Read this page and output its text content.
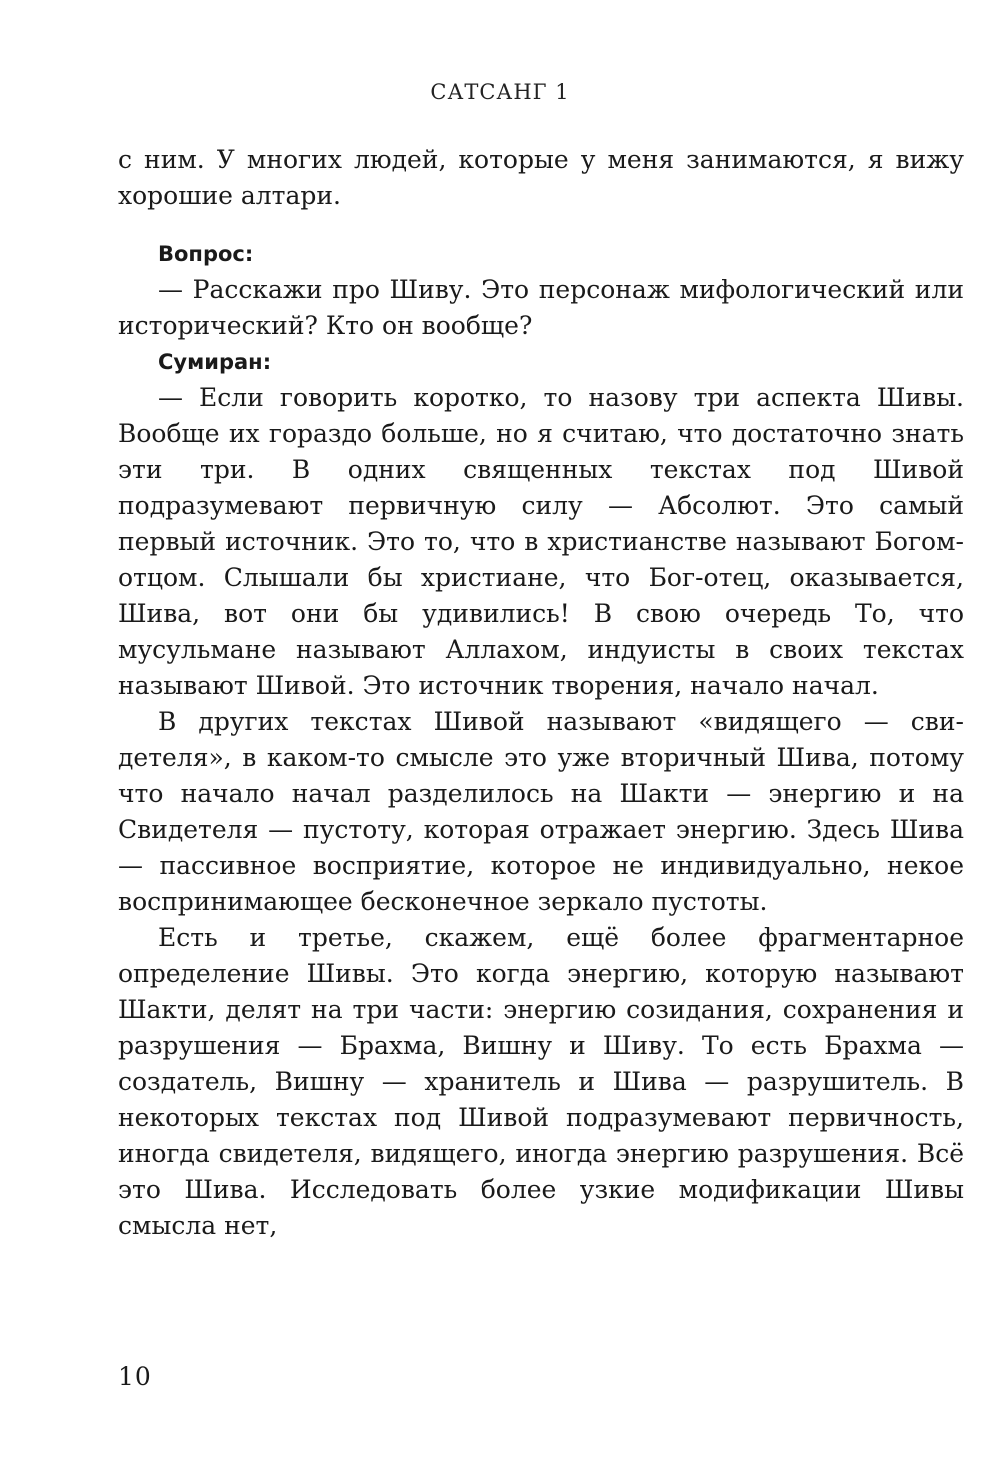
САТСАНГ 1

с ним. У многих людей, которые у меня занимаются, я вижу хорошие алтари.

Вопрос:

— Расскажи про Шиву. Это персонаж мифологический или исторический? Кто он вообще?

Сумиран:

— Если говорить коротко, то назову три аспекта Шивы. Вообще их гораздо больше, но я считаю, что достаточно знать эти три. В одних священных текстах под Шивой подразумевают первичную силу — Абсолют. Это самый первый источник. Это то, что в христианстве называют Богом-отцом. Слышали бы христиане, что Бог-отец, оказывается, Шива, вот они бы удивились! В свою очередь То, что мусульмане называют Аллахом, индуисты в своих текстах называют Шивой. Это источник творения, начало начал.

В других текстах Шивой называют «видящего — свидетеля», в каком-то смысле это уже вторичный Шива, потому что начало начал разделилось на Шакти — энергию и на Свидетеля — пустоту, которая отражает энергию. Здесь Шива — пассивное восприятие, которое не индивидуально, некое воспринимающее бесконечное зеркало пустоты.

Есть и третье, скажем, ещё более фрагментарное определение Шивы. Это когда энергию, которую называют Шакти, делят на три части: энергию созидания, сохранения и разрушения — Брахма, Вишну и Шиву. То есть Брахма — создатель, Вишну — хранитель и Шива — разрушитель. В некоторых текстах под Шивой подразумевают первичность, иногда свидетеля, видящего, иногда энергию разрушения. Всё это Шива. Исследовать более узкие модификации Шивы смысла нет,

10
